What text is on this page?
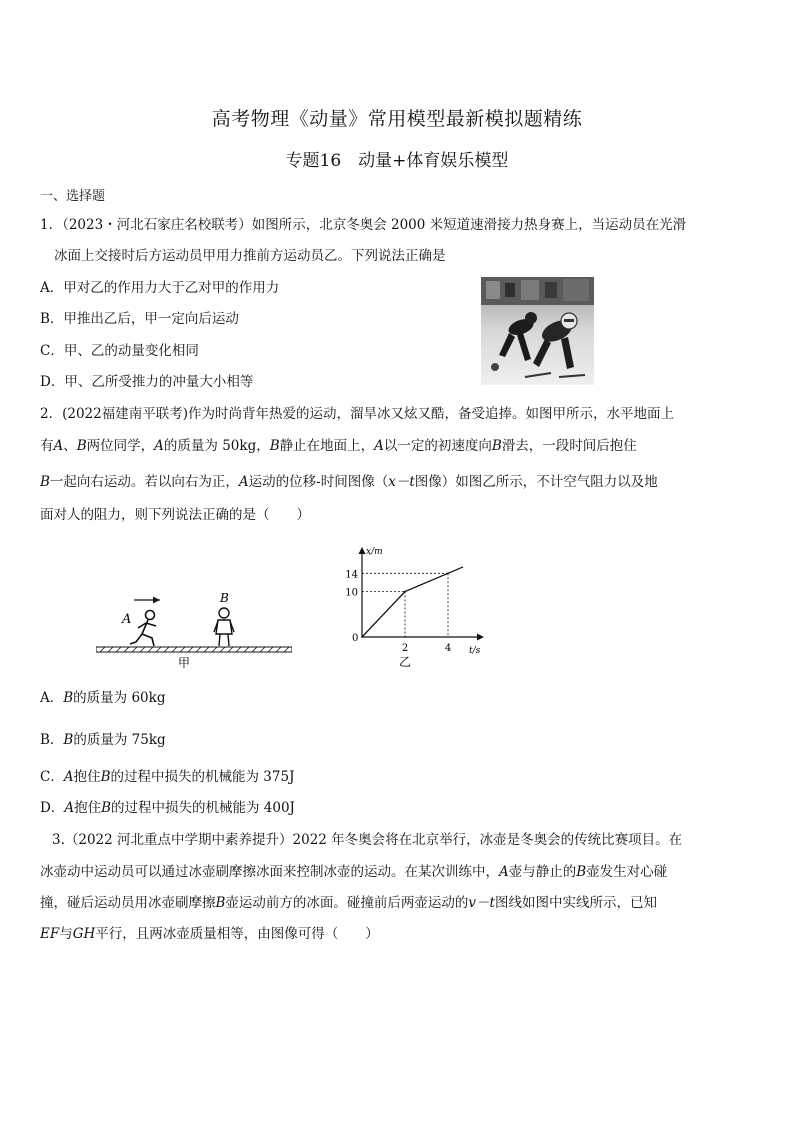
高考物理《动量》常用模型最新模拟题精练
专题16　动量+体育娱乐模型
一、选择题
1．（2023・河北石家庄名校联考）如图所示，北京冬奥会 2000 米短道速滑接力热身赛上，当运动员在光滑
冰面上交接时后方运动员甲用力推前方运动员乙。下列说法正确是
A．甲对乙的作用力大于乙对甲的作用力
B．甲推出乙后，甲一定向后运动
C．甲、乙的动量变化相同
D．甲、乙所受推力的冲量大小相等
2．(2022福建南平联考)作为时尚背年热爱的运动，溜旱冰又炫又酷，备受追捧。如图甲所示，水平地面上
有A、B两位同学，A的质量为 50kg，B静止在地面上，A以一定的初速度向B滑去，一段时间后抱住
B一起向右运动。若以向右为正，A运动的位移-时间图像（x－t图像）如图乙所示，不计空气阻力以及地
面对人的阻力，则下列说法正确的是（　　）
A
B
甲
x/m
t/s
0
10
14
2	4
乙
A．B的质量为 60kg
B．B的质量为 75kg
C．A抱住B的过程中损失的机械能为 375J
D．A抱住B的过程中损失的机械能为 400J
3.（2022 河北重点中学期中素养提升）2022 年冬奥会将在北京举行，冰壶是冬奥会的传统比赛项目。在
冰壶动中运动员可以通过冰壶刷摩擦冰面来控制冰壶的运动。在某次训练中，A壶与静止的B壶发生对心碰
撞，碰后运动员用冰壶刷摩擦B壶运动前方的冰面。碰撞前后两壶运动的v－t图线如图中实线所示，已知
EF与GH平行，且两冰壶质量相等，由图像可得（　　）
